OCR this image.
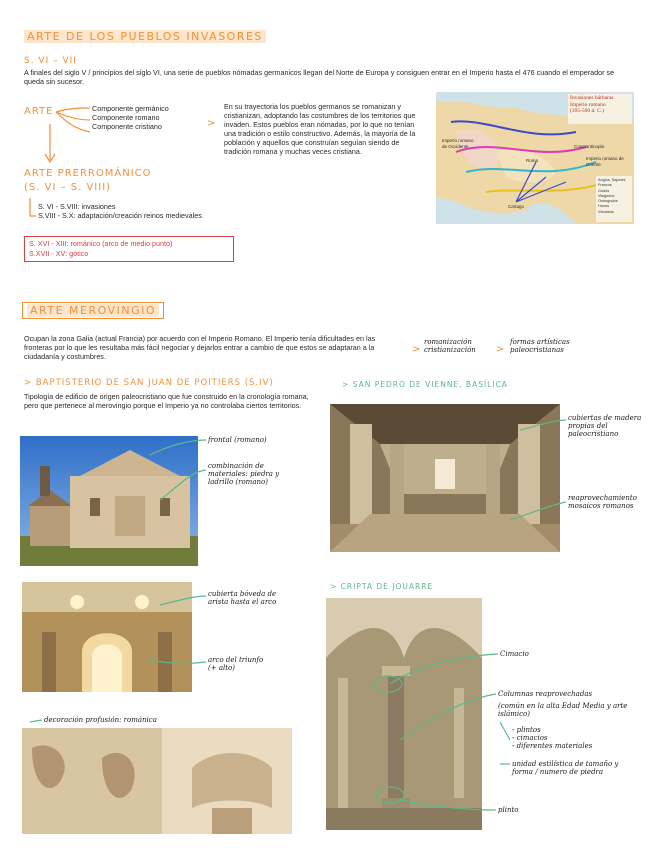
ARTE DE LOS PUEBLOS INVASORES
S. VI – VII
A finales del siglo V / principios del siglo VI, una serie de pueblos nómadas germanicos llegan del Norte de Europa y consiguen entrar en el Imperio hasta el 476 cuando el emperador se queda sin sucesor.
ARTE	Componente germánico
Componente romano
Componente cristiano	>
En su trayectoria los pueblos germanos se romanizan y cristianizan, adoptando las costumbres de los territorios que invaden. Estos pueblos eran nómadas, por lo que no tenían una tradición o estilo constructivo. Además, la mayoría de la población y aquellos que construían seguían siendo de tradición romana y muchas veces cristiana.
ARTE PRERROMÁNICO
(S. VI – S. VIII)
S. VI - S.VIII: invasiones
S.VIII - S.X: adaptación/creación reinos medievales
S. XVI - XIII: románico (arco de medio punto)
S.XVII - XV: gótico
Invasiones bárbaras
Imperio romano
(395-500 d. C.)
Imperio romano de Occidente	Constantinopla
Imperio romano de Oriente
Roma
Cartago
Anglos, Sajones
Francos
Godos
Visigodos
Ostrogodos
Hunos
Vándalos
ARTE MEROVINGIO
Ocupan la zona Galia (actual Francia) por acuerdo con el Imperio Romano. El Imperio tenía dificultades en las fronteras por lo que les resultaba más fácil negociar y dejarlos entrar a cambio de que estos se adaptaran a la ciudadanía y costumbres.
>
romanización
cristianización >
formas artísticas
paleocristianas
> BAPTISTERIO DE SAN JUAN DE POITIERS (S.IV)
Tipología de edificio de origen paleocristiano que fue construido en la cronología romana, pero que pertenece al merovingio porque el Imperio ya no controlaba ciertos territorios.
> SAN PEDRO DE VIENNE, BASÍLICA
frontal (romano)
combinación de materiales: piedra y ladrillo (romano)
cubiertas de madera propias del paleocristiano
reaprovechamiento mosaicos romanos
cubierta bóveda de arista hasta el arco
arco del triunfo (+ alto)
decoración profusión: románica
> CRIPTA DE JOUARRE
Cimacio
Columnas reaprovechadas
(común en la alta Edad Media y arte islámico)
- plintos
- cimacios
- diferentes materiales
unidad estilística de tamaño y forma / numero de piedra
plinto
